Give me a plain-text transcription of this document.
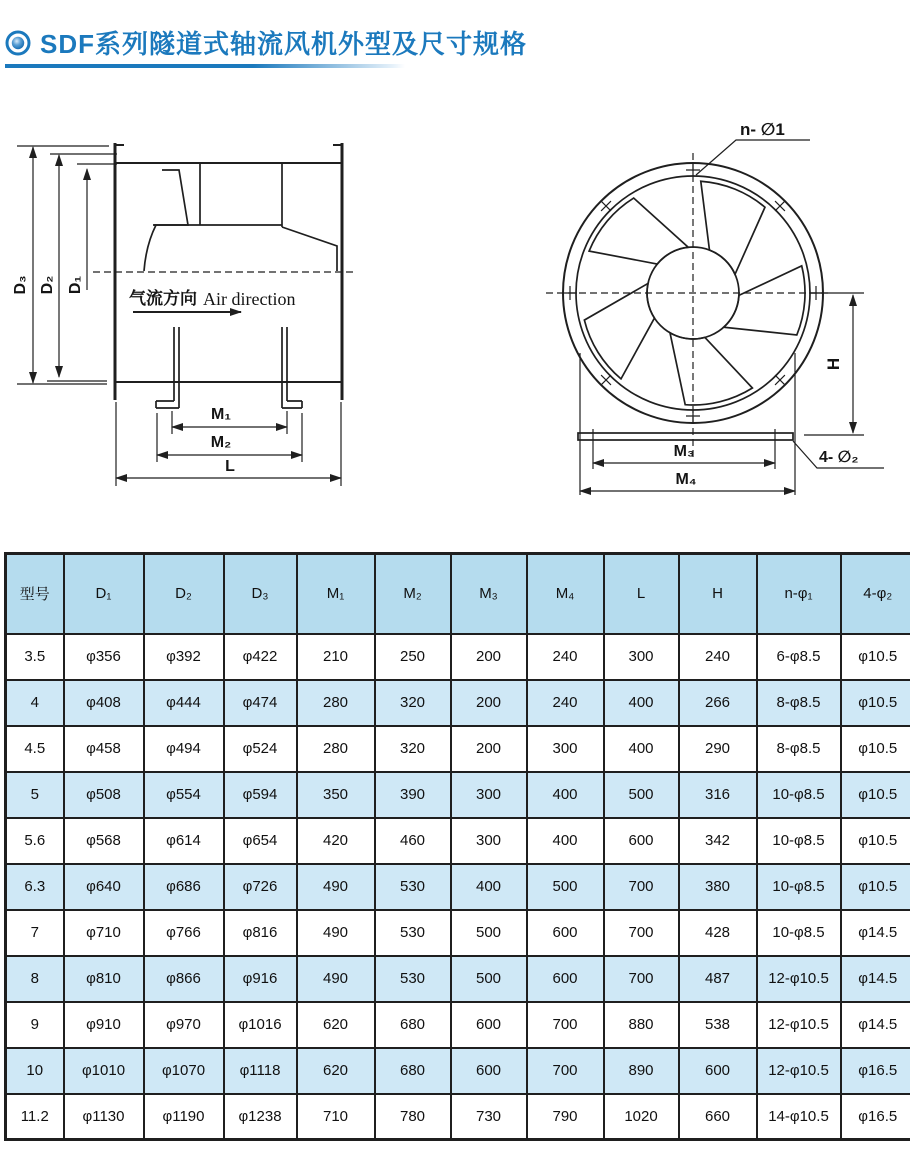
SDF系列隧道式轴流风机外型及尺寸规格
气流方向 Air direction
D₃ D₂ D₁
M₁
M₂
L
n- ∅1
H
M₃
M₄
4- ∅₂
型号	D₁	D₂	D₃	M₁	M₂	M₃	M₄	L	H	n-φ₁	4-φ₂
3.5	φ356	φ392	φ422	210	250	200	240	300	240	6-φ8.5	φ10.5
4	φ408	φ444	φ474	280	320	200	240	400	266	8-φ8.5	φ10.5
4.5	φ458	φ494	φ524	280	320	200	300	400	290	8-φ8.5	φ10.5
5	φ508	φ554	φ594	350	390	300	400	500	316	10-φ8.5	φ10.5
5.6	φ568	φ614	φ654	420	460	300	400	600	342	10-φ8.5	φ10.5
6.3	φ640	φ686	φ726	490	530	400	500	700	380	10-φ8.5	φ10.5
7	φ710	φ766	φ816	490	530	500	600	700	428	10-φ8.5	φ14.5
8	φ810	φ866	φ916	490	530	500	600	700	487	12-φ10.5	φ14.5
9	φ910	φ970	φ1016	620	680	600	700	880	538	12-φ10.5	φ14.5
10	φ1010	φ1070	φ1118	620	680	600	700	890	600	12-φ10.5	φ16.5
11.2	φ1130	φ1190	φ1238	710	780	730	790	1020	660	14-φ10.5	φ16.5
